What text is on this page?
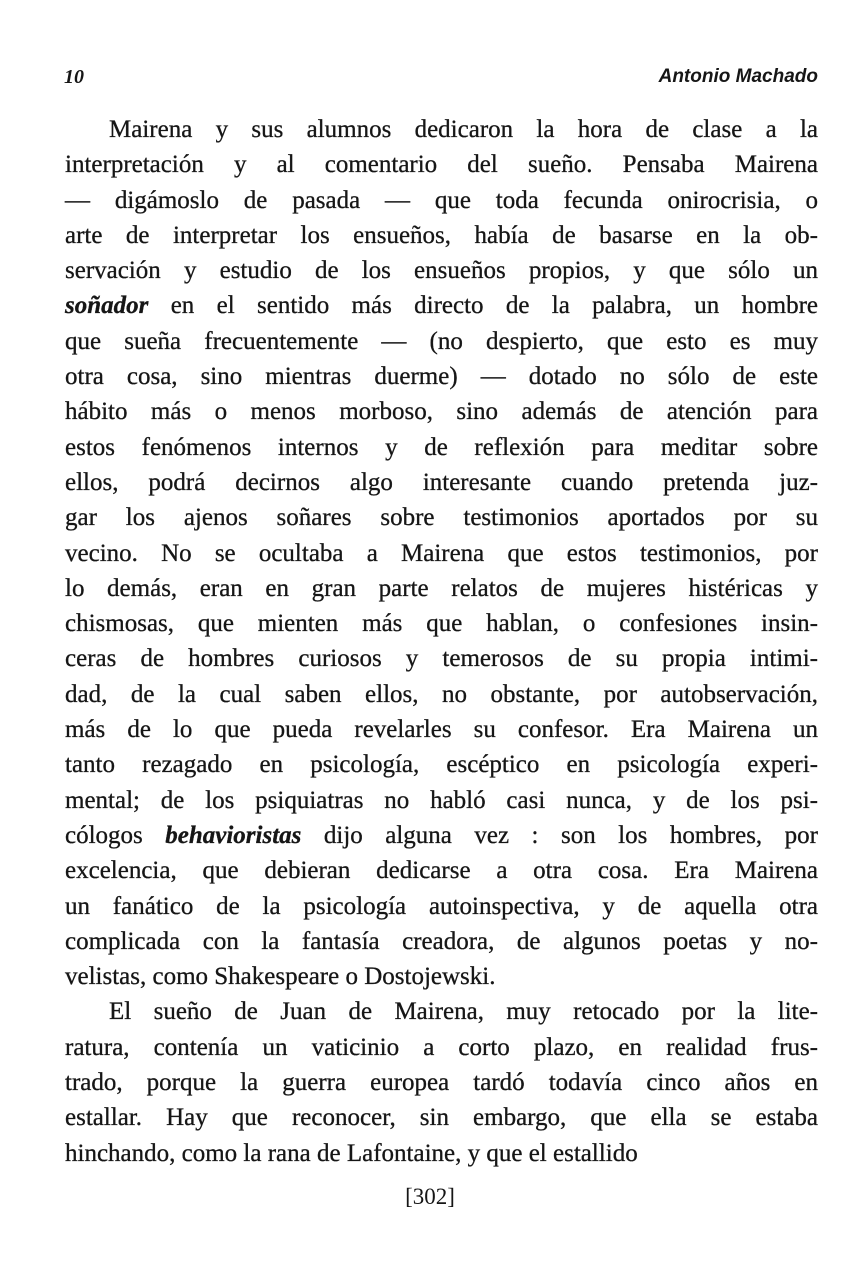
10	Antonio Machado
Mairena y sus alumnos dedicaron la hora de clase a la
interpretación y al comentario del sueño. Pensaba Mairena
— digámoslo de pasada — que toda fecunda onirocrisia, o
arte de interpretar los ensueños, había de basarse en la ob-
servación y estudio de los ensueños propios, y que sólo un
soñador en el sentido más directo de la palabra, un hombre
que sueña frecuentemente — (no despierto, que esto es muy
otra cosa, sino mientras duerme) — dotado no sólo de este
hábito más o menos morboso, sino además de atención para
estos fenómenos internos y de reflexión para meditar sobre
ellos, podrá decirnos algo interesante cuando pretenda juz-
gar los ajenos soñares sobre testimonios aportados por su
vecino. No se ocultaba a Mairena que estos testimonios, por
lo demás, eran en gran parte relatos de mujeres histéricas y
chismosas, que mienten más que hablan, o confesiones insin-
ceras de hombres curiosos y temerosos de su propia intimi-
dad, de la cual saben ellos, no obstante, por autobservación,
más de lo que pueda revelarles su confesor. Era Mairena un
tanto rezagado en psicología, escéptico en psicología experi-
mental; de los psiquiatras no habló casi nunca, y de los psi-
cólogos behavioristas dijo alguna vez : son los hombres, por
excelencia, que debieran dedicarse a otra cosa. Era Mairena
un fanático de la psicología autoinspectiva, y de aquella otra
complicada con la fantasía creadora, de algunos poetas y no-
velistas, como Shakespeare o Dostojewski.
El sueño de Juan de Mairena, muy retocado por la lite-
ratura, contenía un vaticinio a corto plazo, en realidad frus-
trado, porque la guerra europea tardó todavía cinco años en
estallar. Hay que reconocer, sin embargo, que ella se estaba
hinchando, como la rana de Lafontaine, y que el estallido
[302]
